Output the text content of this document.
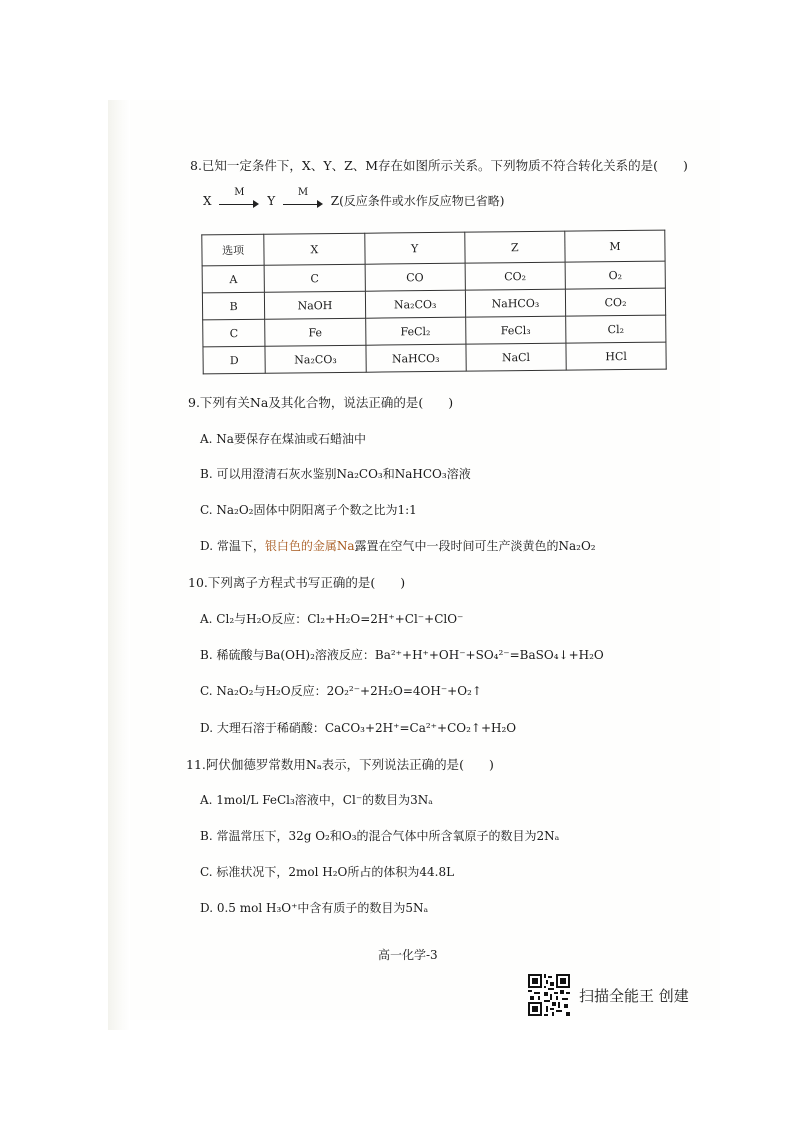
8.已知一定条件下，X、Y、Z、M存在如图所示关系。下列物质不符合转化关系的是(　　)
X
M
Y
M
Z(反应条件或水作反应物已省略)
选项	X	Y	Z	M
A	C	CO	CO₂	O₂
B	NaOH	Na₂CO₃	NaHCO₃	CO₂
C	Fe	FeCl₂	FeCl₃	Cl₂
D	Na₂CO₃	NaHCO₃	NaCl	HCl
9.下列有关Na及其化合物，说法正确的是(　　)
A. Na要保存在煤油或石蜡油中
B. 可以用澄清石灰水鉴别Na₂CO₃和NaHCO₃溶液
C. Na₂O₂固体中阴阳离子个数之比为1:1
D. 常温下，银白色的金属Na露置在空气中一段时间可生产淡黄色的Na₂O₂
10.下列离子方程式书写正确的是(　　)
A. Cl₂与H₂O反应：Cl₂+H₂O=2H⁺+Cl⁻+ClO⁻
B. 稀硫酸与Ba(OH)₂溶液反应：Ba²⁺+H⁺+OH⁻+SO₄²⁻=BaSO₄↓+H₂O
C. Na₂O₂与H₂O反应：2O₂²⁻+2H₂O=4OH⁻+O₂↑
D. 大理石溶于稀硝酸：CaCO₃+2H⁺=Ca²⁺+CO₂↑+H₂O
11.阿伏伽德罗常数用Nₐ表示，下列说法正确的是(　　)
A. 1mol/L FeCl₃溶液中，Cl⁻的数目为3Nₐ
B. 常温常压下，32g O₂和O₃的混合气体中所含氧原子的数目为2Nₐ
C. 标准状况下，2mol H₂O所占的体积为44.8L
D. 0.5 mol H₃O⁺中含有质子的数目为5Nₐ
高一化学-3
扫描全能王 创建
